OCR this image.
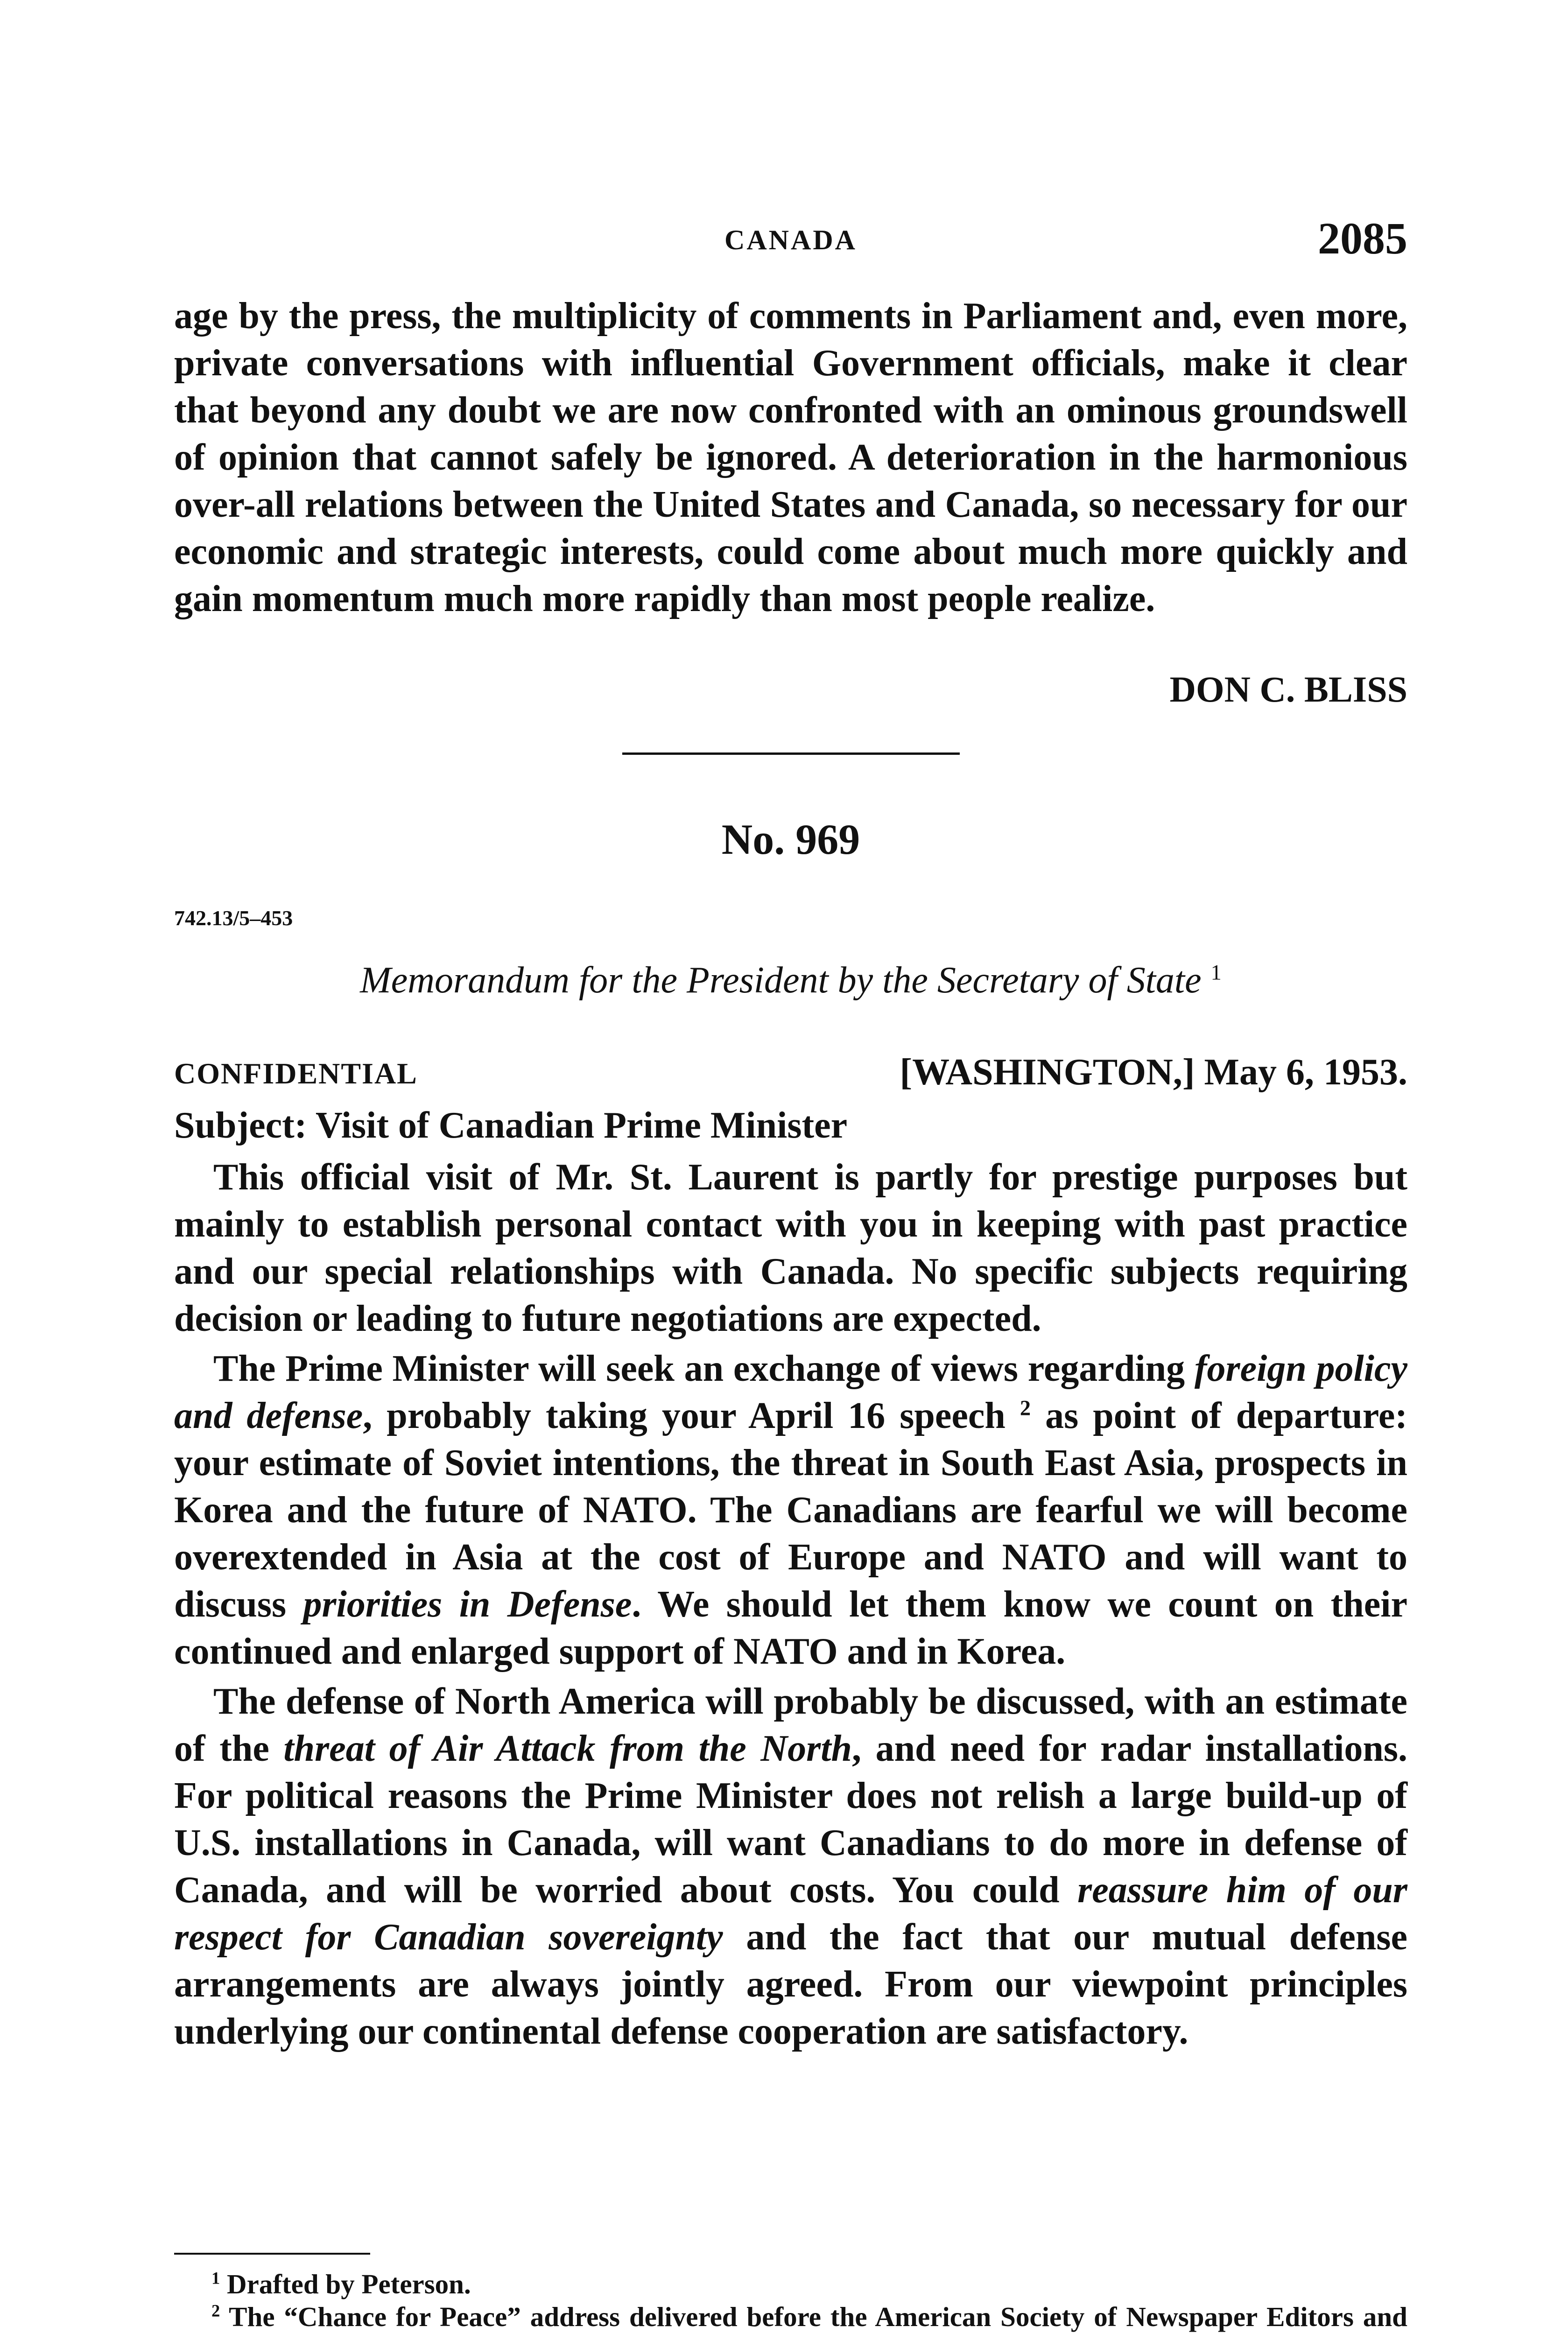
CANADA	2085

age by the press, the multiplicity of comments in Parliament and, even more, private conversations with influential Government officials, make it clear that beyond any doubt we are now confronted with an ominous groundswell of opinion that cannot safely be ignored. A deterioration in the harmonious over-all relations between the United States and Canada, so necessary for our economic and strategic interests, could come about much more quickly and gain momentum much more rapidly than most people realize.

DON C. BLISS
No. 969
742.13/5–453
Memorandum for the President by the Secretary of State $^1$
CONFIDENTIAL	[WASHINGTON,] May 6, 1953.
Subject: Visit of Canadian Prime Minister

This official visit of Mr. St. Laurent is partly for prestige purposes but mainly to establish personal contact with you in keeping with past practice and our special relationships with Canada. No specific subjects requiring decision or leading to future negotiations are expected.

The Prime Minister will seek an exchange of views regarding foreign policy and defense, probably taking your April 16 speech $^2$ as point of departure: your estimate of Soviet intentions, the threat in South East Asia, prospects in Korea and the future of NATO. The Canadians are fearful we will become overextended in Asia at the cost of Europe and NATO and will want to discuss priorities in Defense. We should let them know we count on their continued and enlarged support of NATO and in Korea.

The defense of North America will probably be discussed, with an estimate of the threat of Air Attack from the North, and need for radar installations. For political reasons the Prime Minister does not relish a large build-up of U.S. installations in Canada, will want Canadians to do more in defense of Canada, and will be worried about costs. You could reassure him of our respect for Canadian sovereignty and the fact that our mutual defense arrangements are always jointly agreed. From our viewpoint principles underlying our continental defense cooperation are satisfactory.

$^1$ Drafted by Peterson.

$^2$ The “Chance for Peace” address delivered before the American Society of Newspaper Editors and
